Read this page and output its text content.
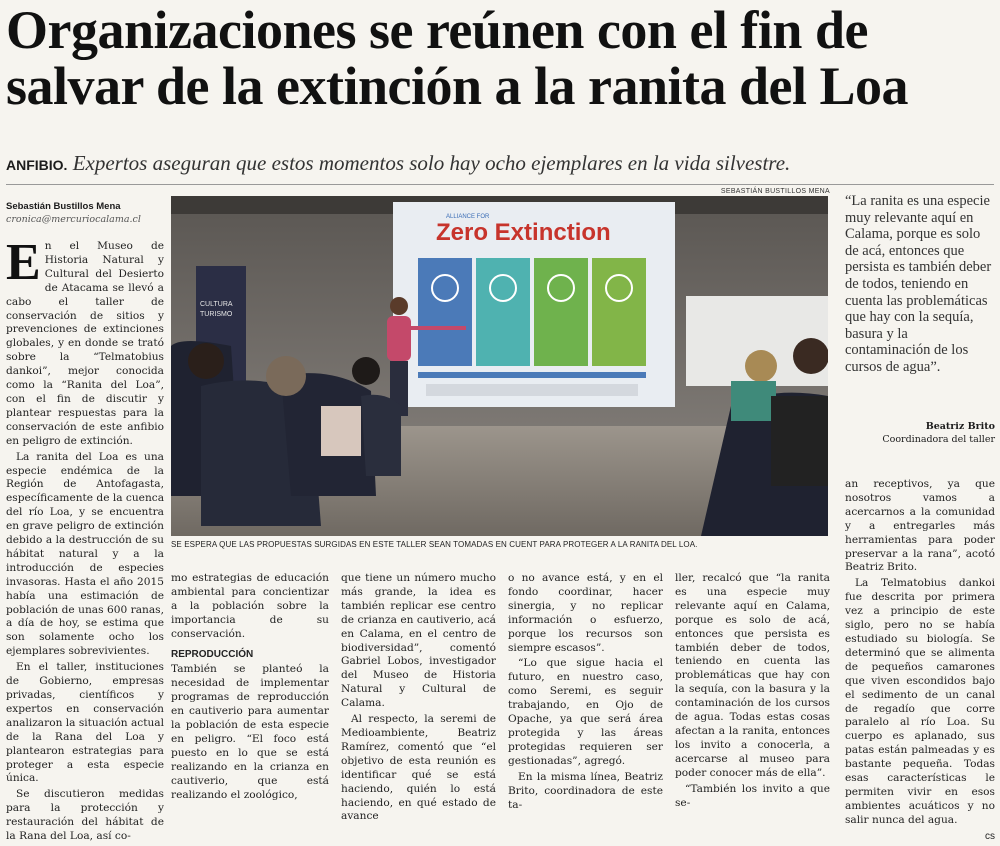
Organizaciones se reúnen con el fin de salvar de la extinción a la ranita del Loa
ANFIBIO. Expertos aseguran que estos momentos solo hay ocho ejemplares en la vida silvestre.
Sebastián Bustillos Mena
cronica@mercuriocalama.cl

En el Museo de Historia Natural y Cultural del Desierto de Atacama se llevó a cabo el taller de conservación de sitios y prevenciones de extinciones globales, y en donde se trató sobre la “Telmatobius dankoi”, mejor conocida como la “Ranita del Loa”, con el fin de discutir y plantear respuestas para la conservación de este anfibio en peligro de extinción.

La ranita del Loa es una especie endémica de la Región de Antofagasta, específicamente de la cuenca del río Loa, y se encuentra en grave peligro de extinción debido a la destrucción de su hábitat natural y a la introducción de especies invasoras. Hasta el año 2015 había una estimación de población de unas 600 ranas, a día de hoy, se estima que son solamente ocho los ejemplares sobrevivientes.

En el taller, instituciones de Gobierno, empresas privadas, científicos y expertos en conservación analizaron la situación actual de la Rana del Loa y plantearon estrategias para proteger a esta especie única.

Se discutieron medidas para la protección y restauración del hábitat de la Rana del Loa, así co-

SEBASTIÁN BUSTILLOS MENA
ALLIANCE FOR
Zero Extinction
CULTURA
TURISMO
SE ESPERA QUE LAS PROPUESTAS SURGIDAS EN ESTE TALLER SEAN TOMADAS EN CUENT PARA PROTEGER A LA RANITA DEL LOA.
“La ranita es una especie muy relevante aquí en Calama, porque es solo de acá, entonces que persista es también deber de todos, teniendo en cuenta las problemáticas que hay con la sequía, basura y la contaminación de los cursos de agua”.
Beatriz Brito
Coordinadora del taller

mo estrategias de educación ambiental para concientizar a la población sobre la importancia de su conservación.

REPRODUCCIÓN

También se planteó la necesidad de implementar programas de reproducción en cautiverio para aumentar la población de esta especie en peligro. “El foco está puesto en lo que se está realizando en la crianza en cautiverio, que está realizando el zoológico,

que tiene un número mucho más grande, la idea es también replicar ese centro de crianza en cautiverio, acá en Calama, en el centro de biodiversidad”, comentó Gabriel Lobos, investigador del Museo de Historia Natural y Cultural de Calama.

Al respecto, la seremi de Medioambiente, Beatriz Ramírez, comentó que “el objetivo de esta reunión es identificar qué se está haciendo, quién lo está haciendo, en qué estado de avance

o no avance está, y en el fondo coordinar, hacer sinergia, y no replicar información o esfuerzo, porque los recursos son siempre escasos”.

“Lo que sigue hacia el futuro, en nuestro caso, como Seremi, es seguir trabajando, en Ojo de Opache, ya que será área protegida y las áreas protegidas requieren ser gestionadas”, agregó.

En la misma línea, Beatriz Brito, coordinadora de este ta-

ller, recalcó que “la ranita es una especie muy relevante aquí en Calama, porque es solo de acá, entonces que persista es también deber de todos, teniendo en cuenta las problemáticas que hay con la sequía, con la basura y la contaminación de los cursos de agua. Todas estas cosas afectan a la ranita, entonces los invito a conocerla, a acercarse al museo para poder conocer más de ella”.

“También los invito a que se-

an receptivos, ya que nosotros vamos a acercarnos a la comunidad y a entregarles más herramientas para poder preservar a la rana”, acotó Beatriz Brito.

La Telmatobius dankoi fue descrita por primera vez a principio de este siglo, pero no se había estudiado su biología. Se determinó que se alimenta de pequeños camarones que viven escondidos bajo el sedimento de un canal de regadío que corre paralelo al río Loa. Su cuerpo es aplanado, sus patas están palmeadas y es bastante pequeña. Todas esas características le permiten vivir en esos ambientes acuáticos y no salir nunca del agua.

cs
